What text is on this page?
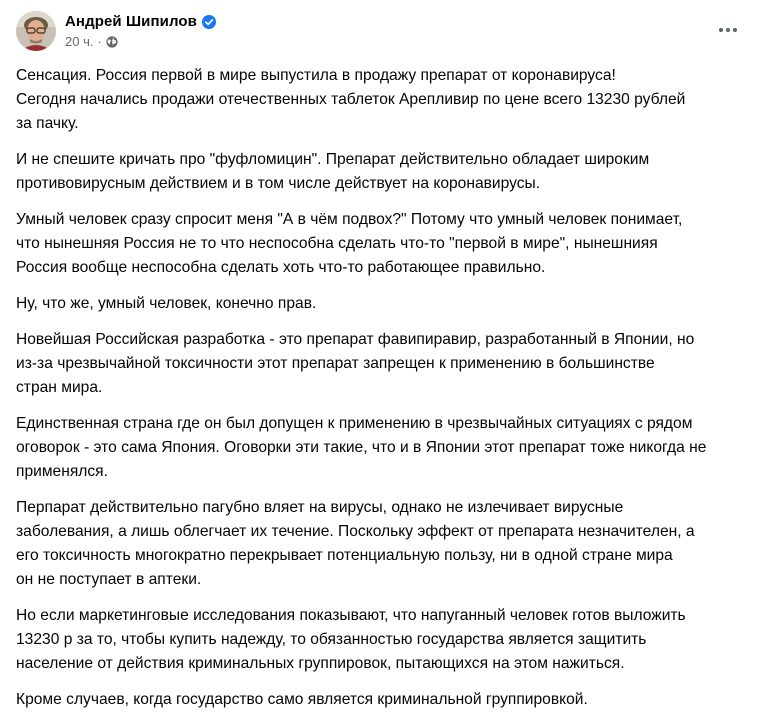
Андрей Шипилов
20 ч. ·

Сенсация. Россия первой в мире выпустила в продажу препарат от коронавируса!
Сегодня начались продажи отечественных таблеток Арепливир по цене всего 13230 рублей
за пачку.

И не спешите кричать про "фуфломицин". Препарат действительно обладает широким
противовирусным действием и в том числе действует на коронавирусы.

Умный человек сразу спросит меня "А в чём подвох?" Потому что умный человек понимает,
что нынешняя Россия не то что неспособна сделать что-то "первой в мире", нынешнияя
Россия вообще неспособна сделать хоть что-то работающее правильно.

Ну, что же, умный человек, конечно прав.

Новейшая Российская разработка - это препарат фавипиравир, разработанный в Японии, но
из-за чрезвычайной токсичности этот препарат запрещен к применению в большинстве
стран мира.

Единственная страна где он был допущен к применению в чрезвычайных ситуациях с рядом
оговорок - это сама Япония. Оговорки эти такие, что и в Японии этот препарат тоже никогда не
применялся.

Перпарат действительно пагубно вляет на вирусы, однако не излечивает вирусные
заболевания, а лишь облегчает их течение. Поскольку эффект от препарата незначителен, а
его токсичность многократно перекрывает потенциальную пользу, ни в одной стране мира
он не поступает в аптеки.

Но если маркетинговые исследования показывают, что напуганный человек готов выложить
13230 р за то, чтобы купить надежду, то обязанностью государства является защитить
население от действия криминальных группировок, пытающихся на этом нажиться.

Кроме случаев, когда государство само является криминальной группировкой.
